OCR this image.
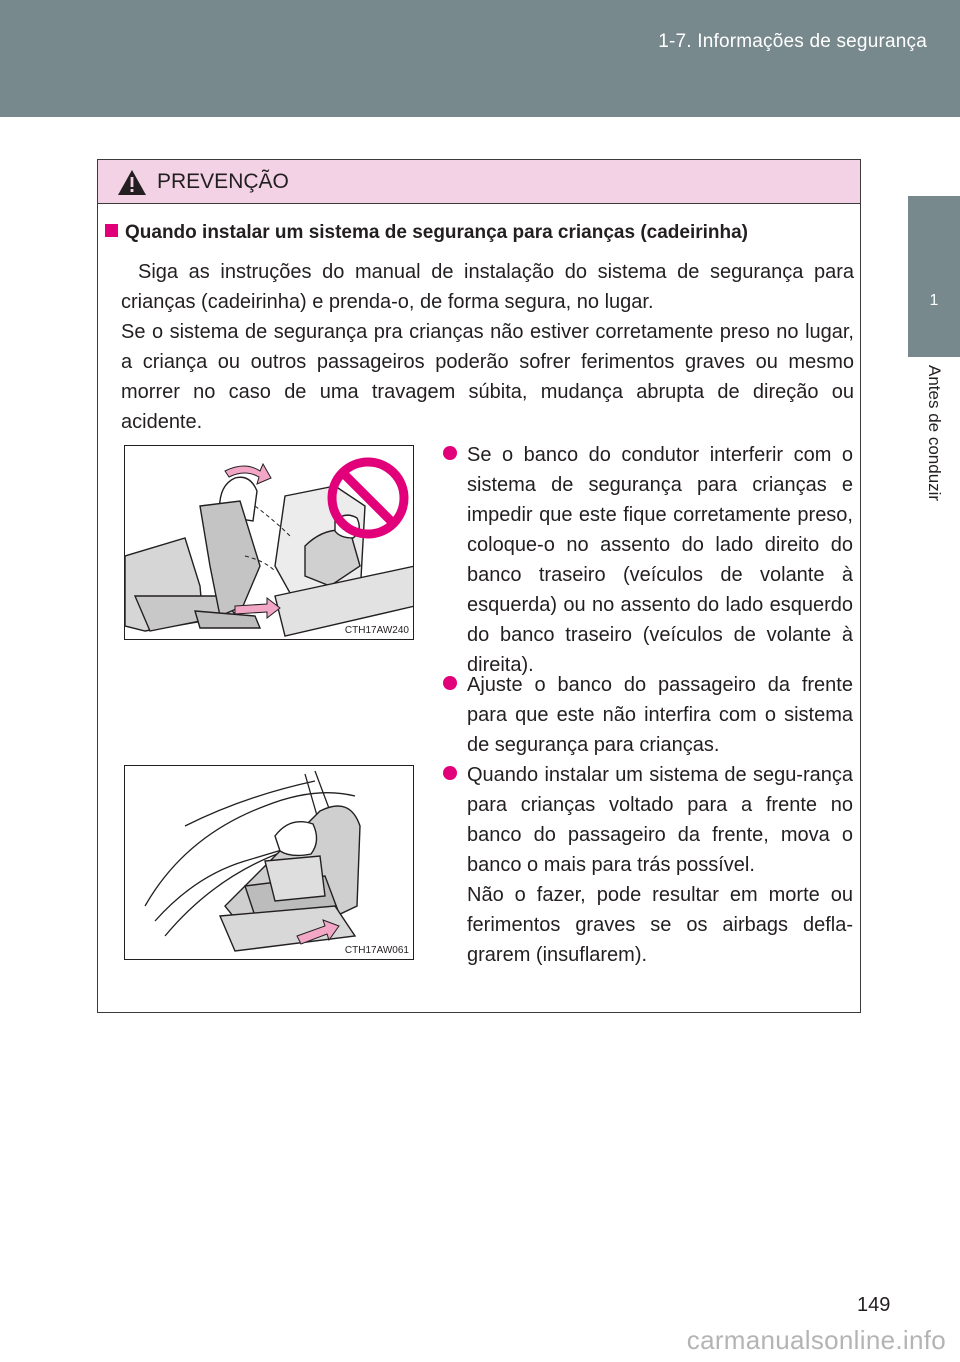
1-7. Informações de segurança
1
Antes de conduzir
PREVENÇÃO
Quando instalar um sistema de segurança para crianças (cadeirinha)

Siga as instruções do manual de instalação do sistema de segurança para crianças (cadeirinha) e prenda-o, de forma segura, no lugar.

Se o sistema de segurança pra crianças não estiver corretamente preso no lugar, a criança ou outros passageiros poderão sofrer ferimentos graves ou mesmo morrer no caso de uma travagem súbita, mudança abrupta de direção ou acidente.

CTH17AW240
CTH17AW061

Se o banco do condutor interferir com o sistema de segurança para crianças e impedir que este fique corretamente preso, coloque-o no assento do lado direito do banco traseiro (veículos de volante à esquerda) ou no assento do lado esquerdo do banco traseiro (veículos de volante à direita).

Ajuste o banco do passageiro da frente para que este não interfira com o sistema de segurança para crianças.

Quando instalar um sistema de segu-rança para crianças voltado para a frente no banco do passageiro da frente, mova o banco o mais para trás possível.

Não o fazer, pode resultar em morte ou ferimentos graves se os airbags defla-grarem (insuflarem).

149
carmanualsonline.info
